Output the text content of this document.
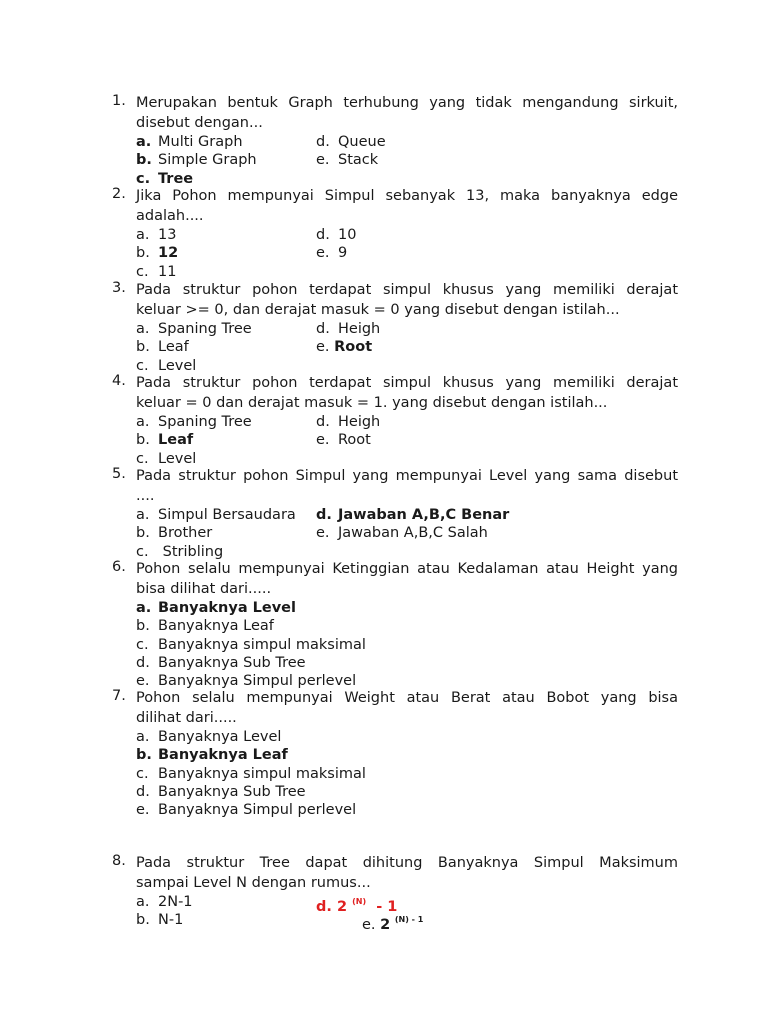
1. Merupakan bentuk Graph terhubung yang tidak mengandung sirkuit,
disebut dengan...
a. Multi Graph	d. Queue
b. Simple Graph	e. Stack
c. Tree
2. Jika Pohon mempunyai Simpul sebanyak 13, maka banyaknya edge
adalah....
a. 13	d. 10
b. 12	e. 9
c. 11
3. Pada struktur pohon terdapat simpul khusus yang memiliki derajat
keluar >= 0, dan derajat masuk = 0 yang disebut dengan istilah...
a. Spaning Tree	d. Heigh
b. Leaf	e. Root
c. Level
4. Pada struktur pohon terdapat simpul khusus yang memiliki derajat
keluar = 0 dan derajat masuk = 1. yang disebut dengan istilah...
a. Spaning Tree	d. Heigh
b. Leaf	e. Root
c. Level
5. Pada struktur pohon Simpul yang mempunyai Level yang sama disebut
....
a. Simpul Bersaudara d. Jawaban A,B,C Benar
b. Brother	e. Jawaban A,B,C Salah
c. Stribling
6. Pohon selalu mempunyai Ketinggian atau Kedalaman atau Height yang
bisa dilihat dari.....
a. Banyaknya Level
b. Banyaknya Leaf
c. Banyaknya simpul maksimal
d. Banyaknya Sub Tree
e. Banyaknya Simpul perlevel
7. Pohon selalu mempunyai Weight atau Berat atau Bobot yang bisa
dilihat dari.....
a. Banyaknya Level
b. Banyaknya Leaf
c. Banyaknya simpul maksimal
d. Banyaknya Sub Tree
e. Banyaknya Simpul perlevel
8. Pada struktur Tree dapat dihitung Banyaknya Simpul Maksimum
sampai Level N dengan rumus...
a. 2N-1	d. 2 $^{(N)}$ - 1
b. N-1	e. 2 $^{(N) - 1}$
